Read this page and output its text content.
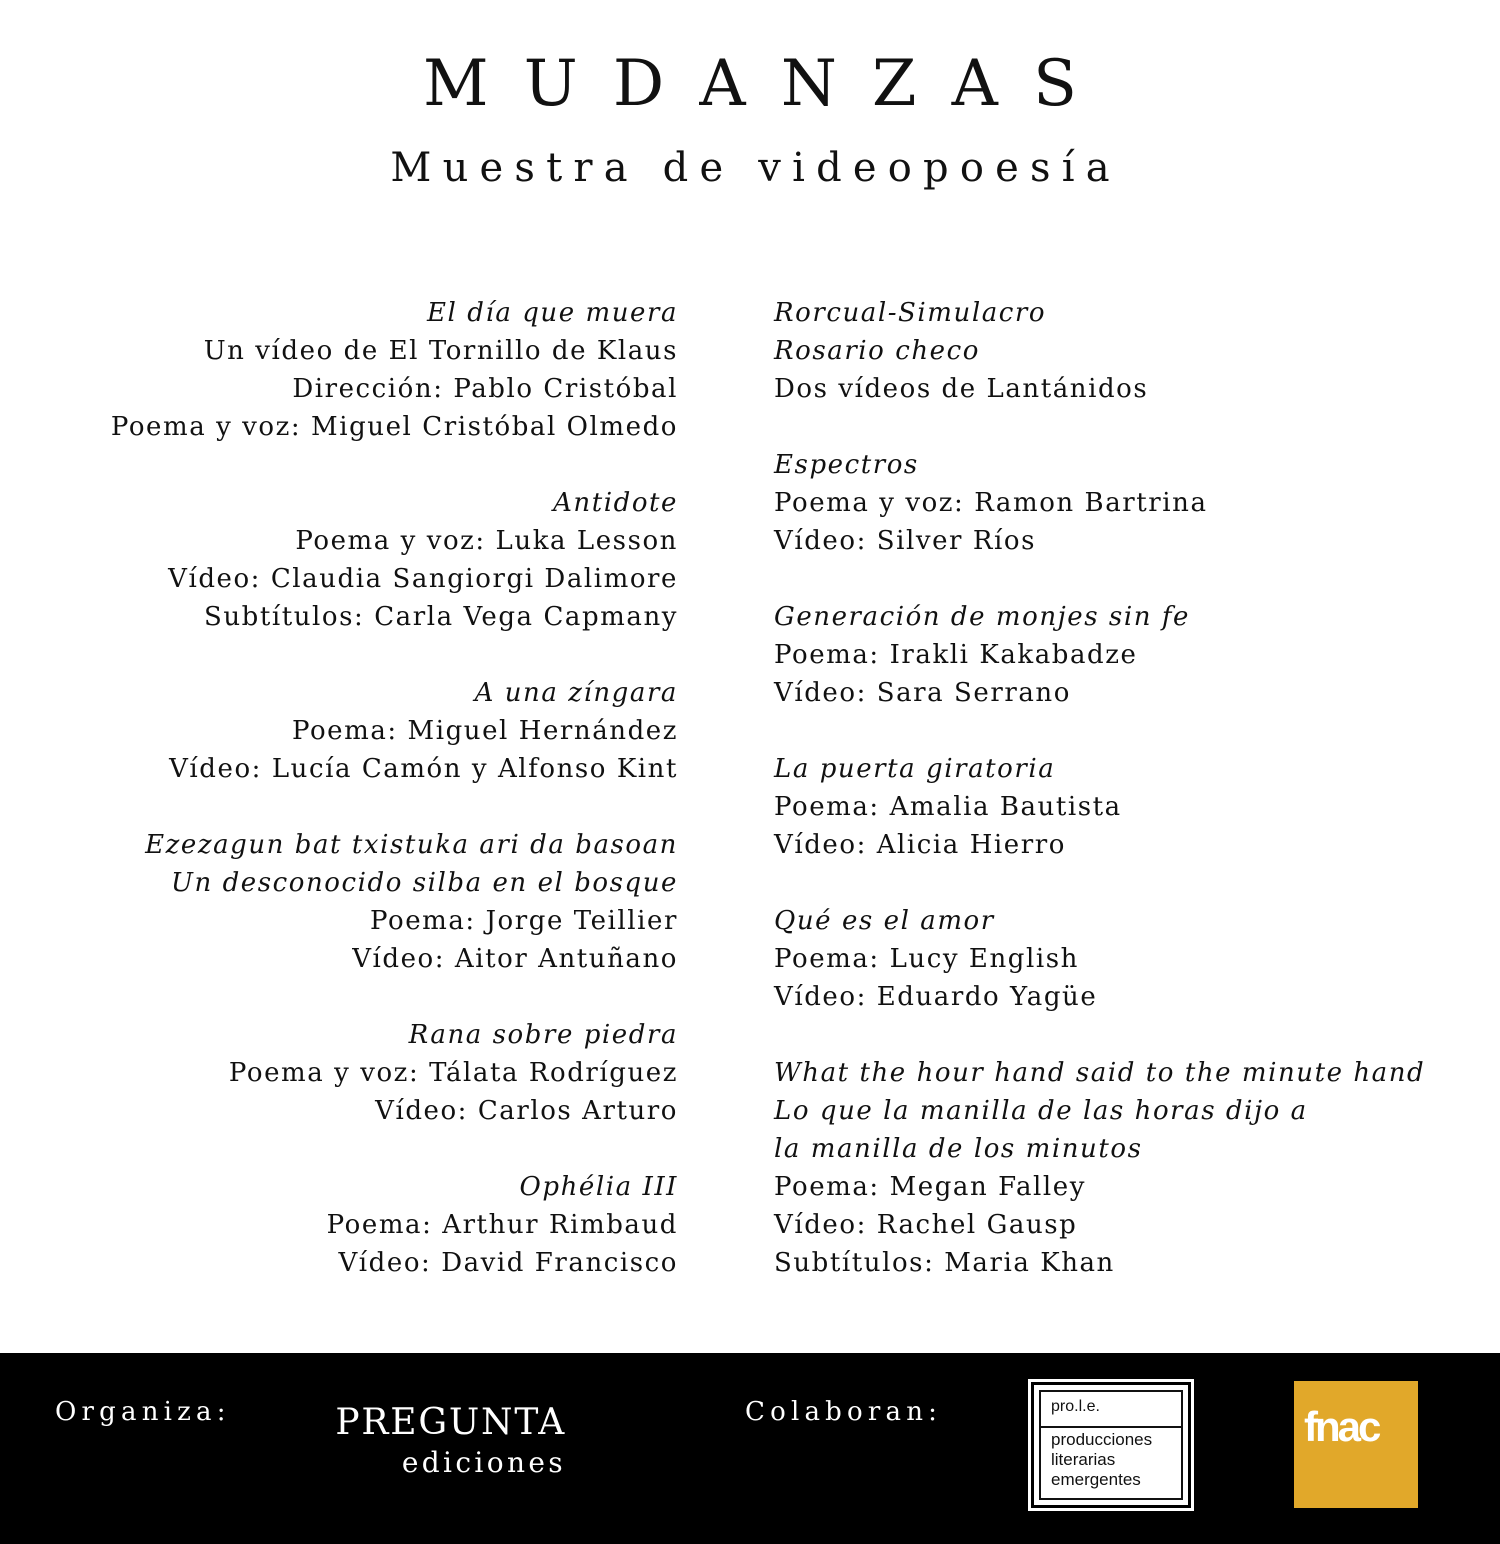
MUDANZAS
Muestra de videopoesía
El día que muera
Un vídeo de El Tornillo de Klaus
Dirección: Pablo Cristóbal
Poema y voz: Miguel Cristóbal Olmedo
Antidote
Poema y voz: Luka Lesson
Vídeo: Claudia Sangiorgi Dalimore
Subtítulos: Carla Vega Capmany
A una zíngara
Poema: Miguel Hernández
Vídeo: Lucía Camón y Alfonso Kint
Ezezagun bat txistuka ari da basoan
Un desconocido silba en el bosque
Poema: Jorge Teillier
Vídeo: Aitor Antuñano
Rana sobre piedra
Poema y voz: Tálata Rodríguez
Vídeo: Carlos Arturo
Ophélia III
Poema: Arthur Rimbaud
Vídeo: David Francisco
Rorcual-Simulacro
Rosario checo
Dos vídeos de Lantánidos
Espectros
Poema y voz: Ramon Bartrina
Vídeo: Silver Ríos
Generación de monjes sin fe
Poema: Irakli Kakabadze
Vídeo: Sara Serrano
La puerta giratoria
Poema: Amalia Bautista
Vídeo: Alicia Hierro
Qué es el amor
Poema: Lucy English
Vídeo: Eduardo Yagüe
What the hour hand said to the minute hand
Lo que la manilla de las horas dijo a
la manilla de los minutos
Poema: Megan Falley
Vídeo: Rachel Gausp
Subtítulos: Maria Khan
Organiza:	PREGUNTA
ediciones
Colaboran:	pro.l.e.
producciones
literarias
emergentes
fnac
